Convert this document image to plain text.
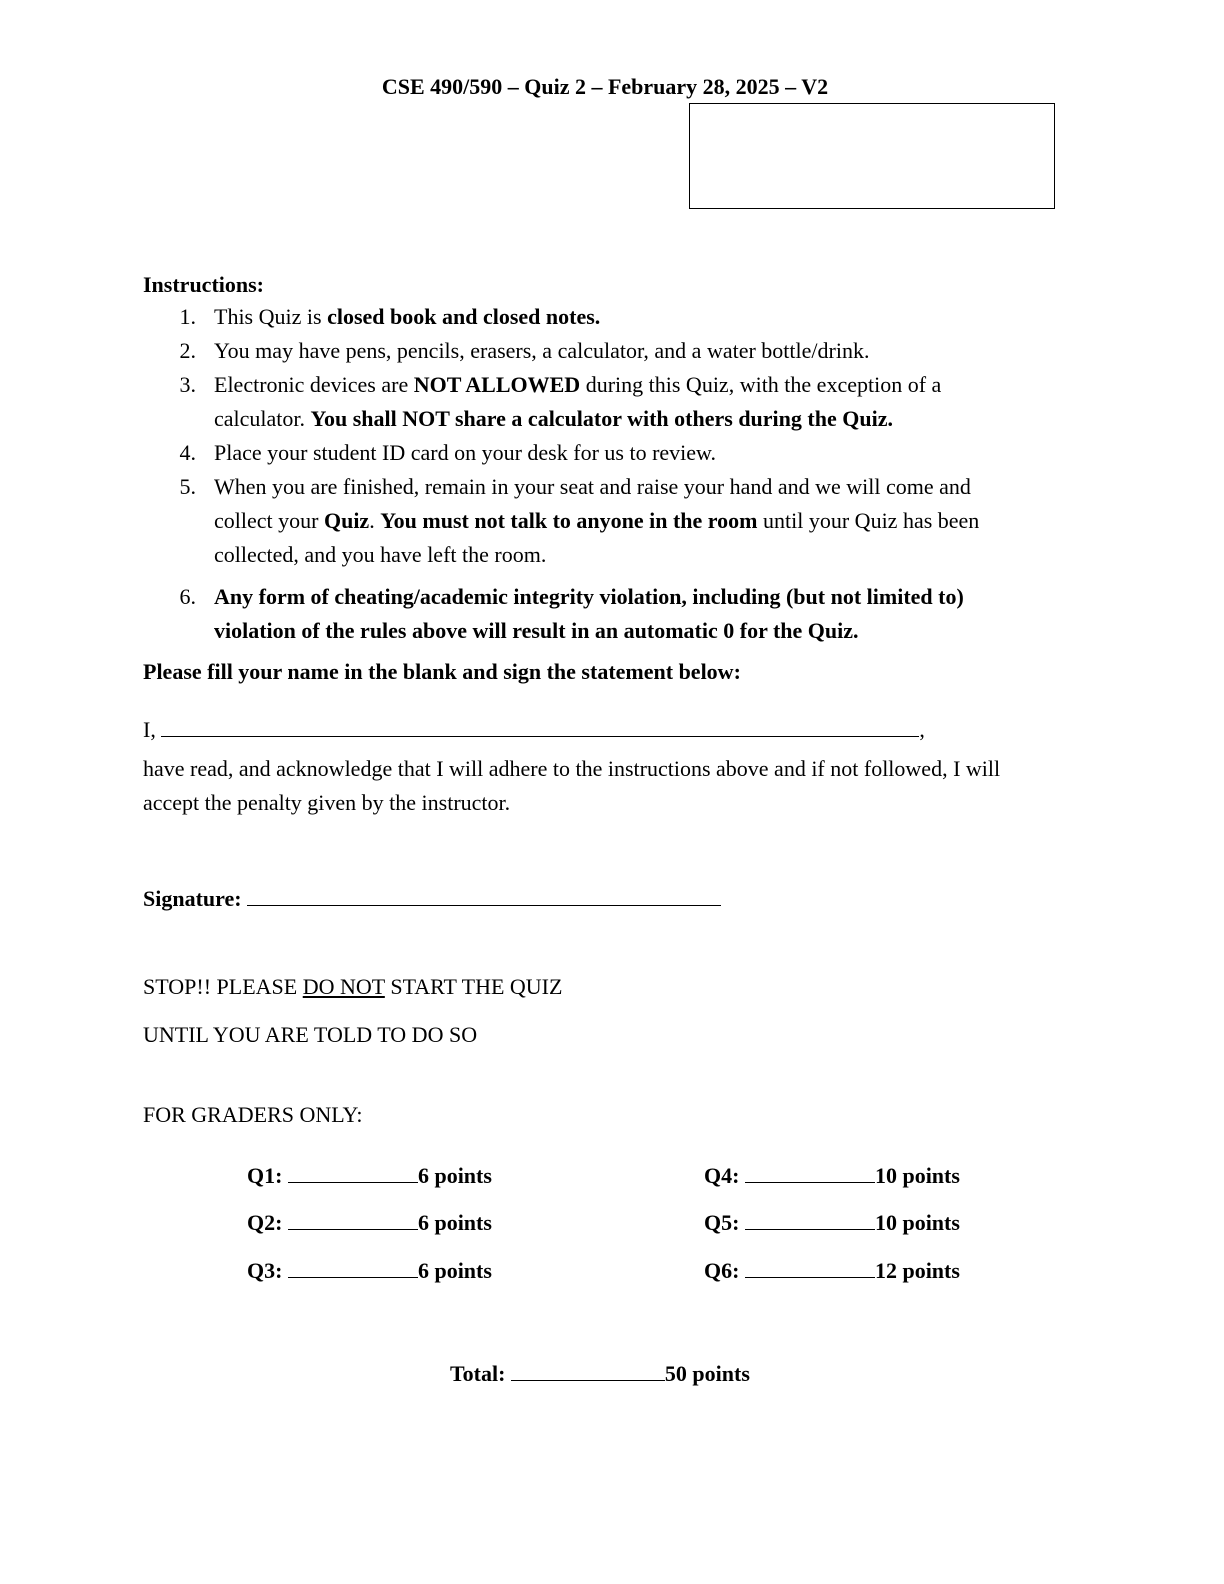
CSE 490/590 – Quiz 2 – February 28, 2025 – V2
Instructions:
1. This Quiz is closed book and closed notes.
2. You may have pens, pencils, erasers, a calculator, and a water bottle/drink.
3. Electronic devices are NOT ALLOWED during this Quiz, with the exception of a
calculator. You shall NOT share a calculator with others during the Quiz.
4. Place your student ID card on your desk for us to review.
5. When you are finished, remain in your seat and raise your hand and we will come and
collect your Quiz. You must not talk to anyone in the room until your Quiz has been
collected, and you have left the room.
6. Any form of cheating/academic integrity violation, including (but not limited to)
violation of the rules above will result in an automatic 0 for the Quiz.
Please fill your name in the blank and sign the statement below:
I,	,
have read, and acknowledge that I will adhere to the instructions above and if not followed, I will
accept the penalty given by the instructor.
Signature:
STOP!! PLEASE DO NOT START THE QUIZ
UNTIL YOU ARE TOLD TO DO SO
FOR GRADERS ONLY:
Q1:	6 points
Q2:	6 points
Q3:	6 points
Q4:	10 points
Q5:	10 points
Q6:	12 points
Total:	50 points
